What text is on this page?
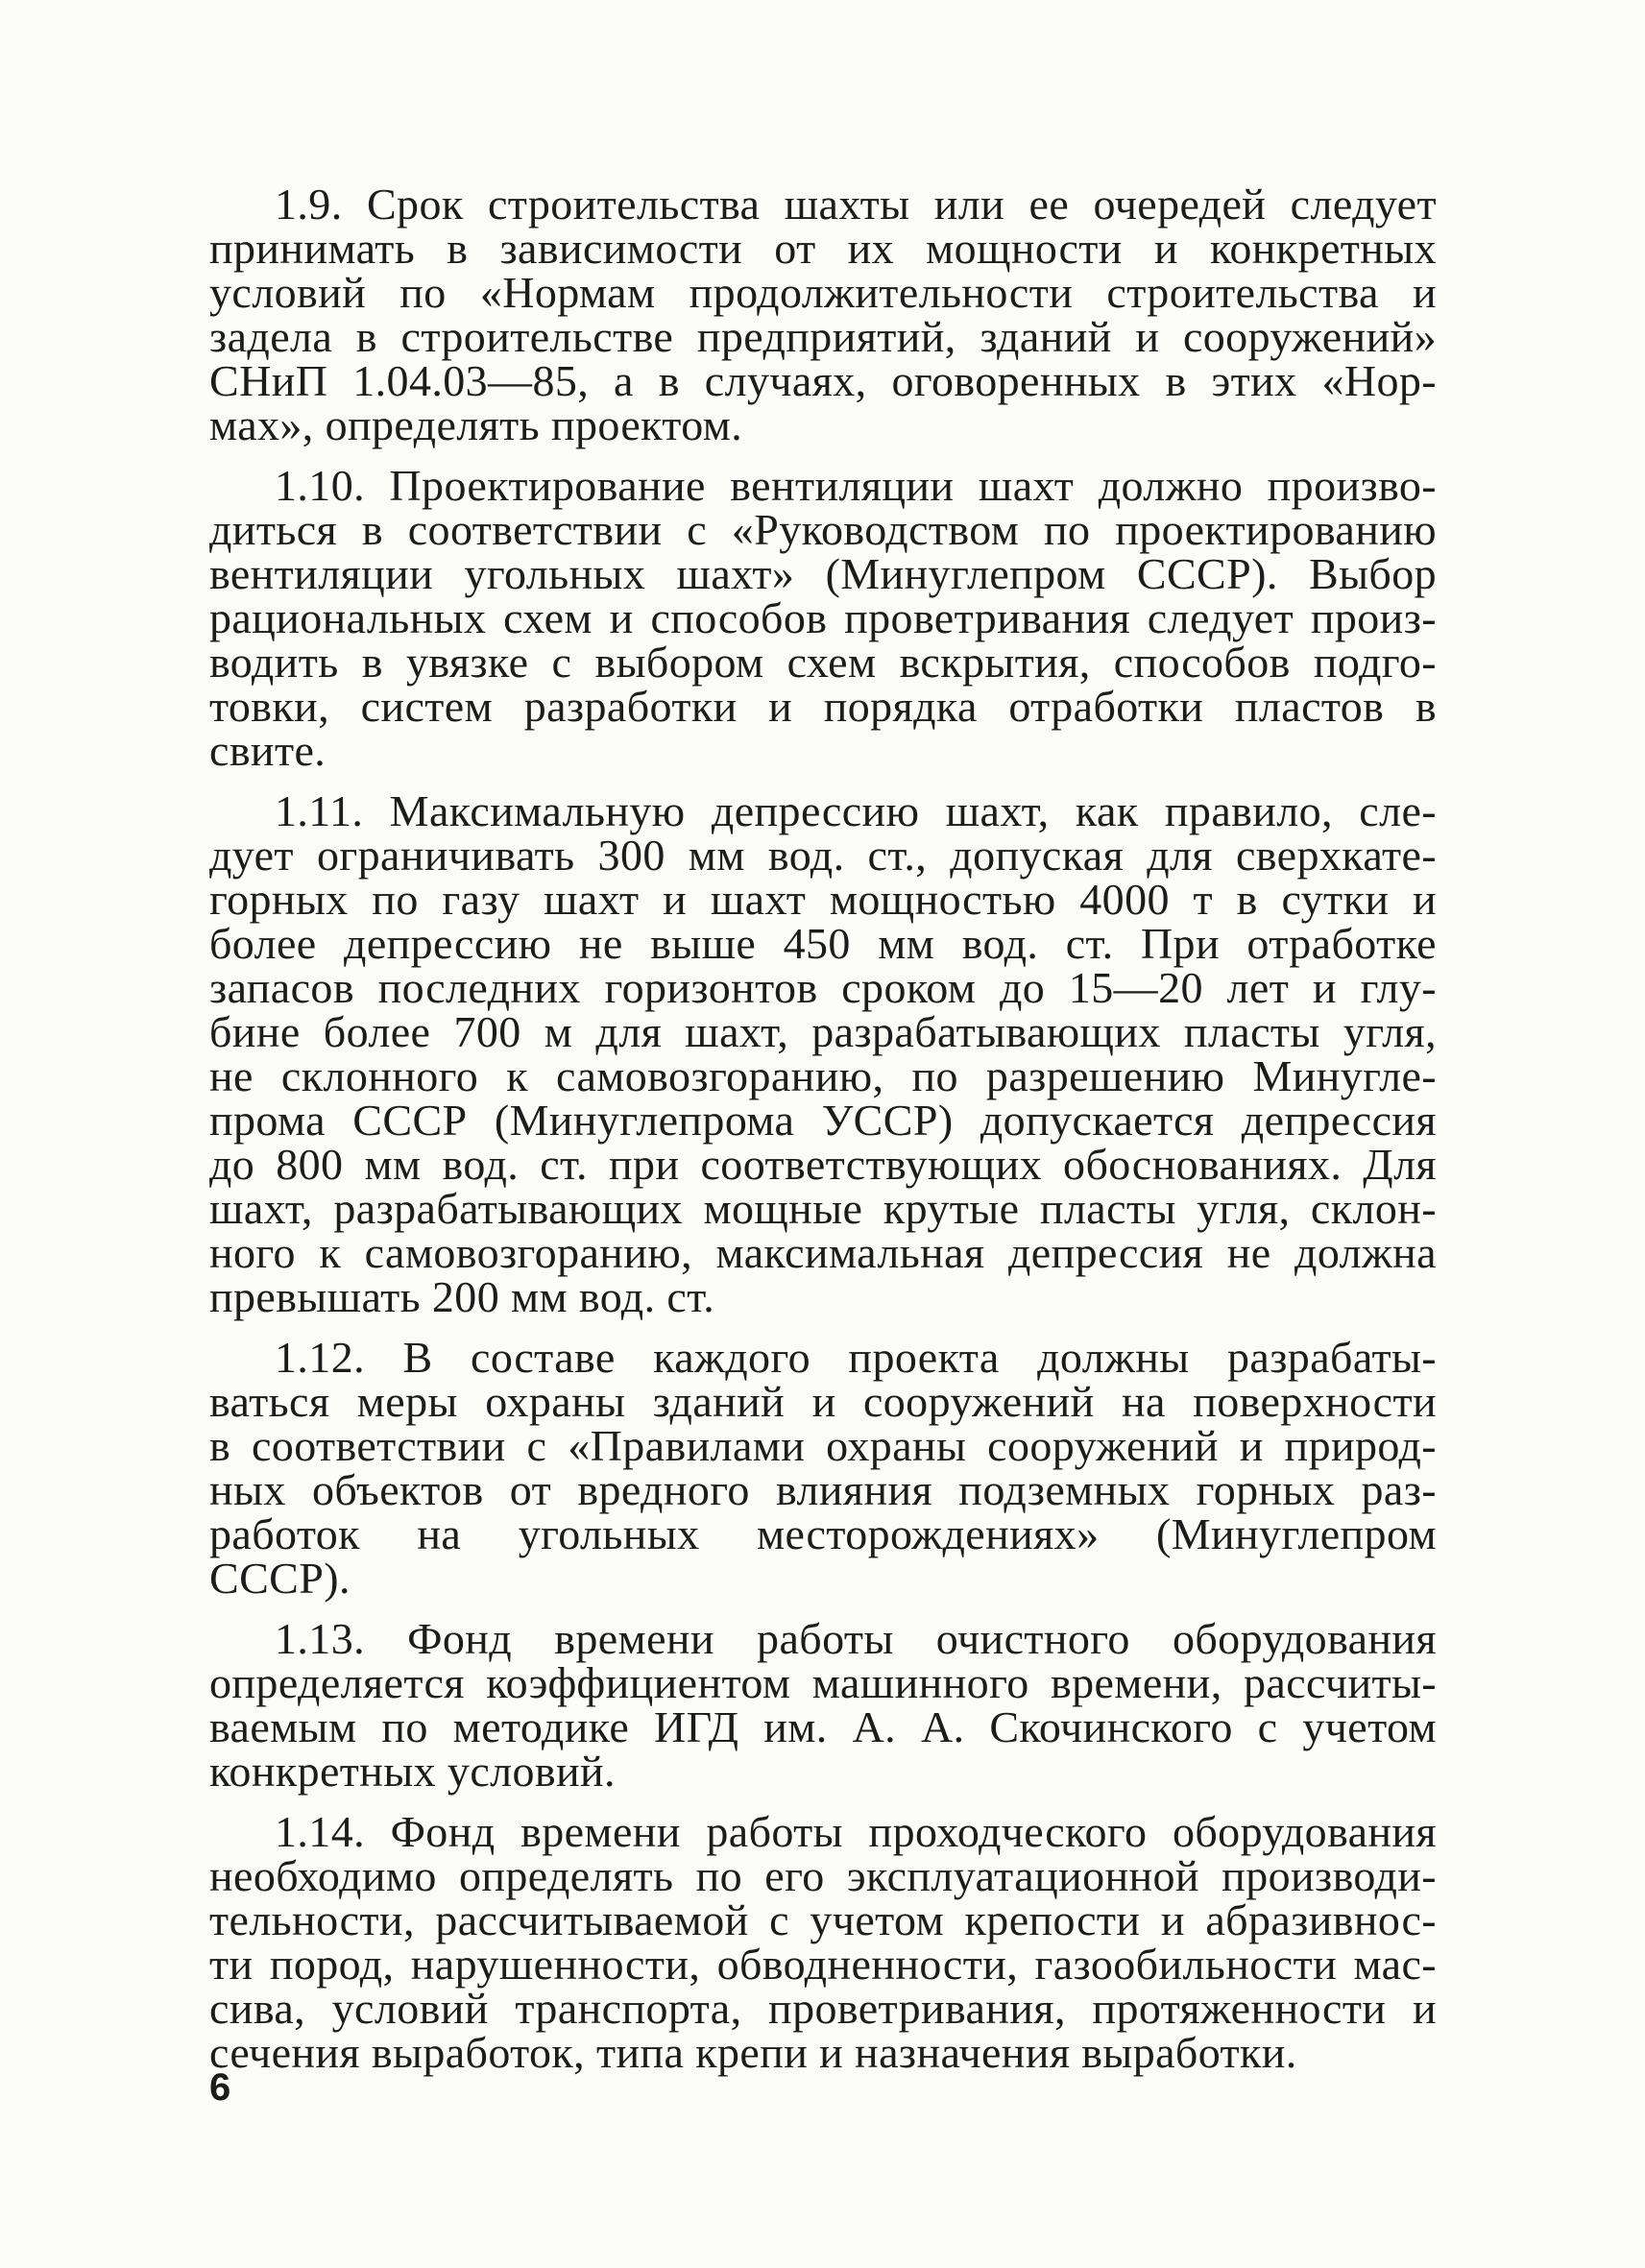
1.9. Срок строительства шахты или ее очередей следует
принимать в зависимости от их мощности и конкретных
условий по «Нормам продолжительности строительства и
задела в строительстве предприятий, зданий и сооружений»
СНиП 1.04.03—85, а в случаях, оговоренных в этих «Нор-
мах», определять проектом.
1.10. Проектирование вентиляции шахт должно произво-
диться в соответствии с «Руководством по проектированию
вентиляции угольных шахт» (Минуглепром СССР). Выбор
рациональных схем и способов проветривания следует произ-
водить в увязке с выбором схем вскрытия, способов подго-
товки, систем разработки и порядка отработки пластов в
свите.
1.11. Максимальную депрессию шахт, как правило, сле-
дует ограничивать 300 мм вод. ст., допуская для сверхкате-
горных по газу шахт и шахт мощностью 4000 т в сутки и
более депрессию не выше 450 мм вод. ст. При отработке
запасов последних горизонтов сроком до 15—20 лет и глу-
бине более 700 м для шахт, разрабатывающих пласты угля,
не склонного к самовозгоранию, по разрешению Минугле-
прома СССР (Минуглепрома УССР) допускается депрессия
до 800 мм вод. ст. при соответствующих обоснованиях. Для
шахт, разрабатывающих мощные крутые пласты угля, склон-
ного к самовозгоранию, максимальная депрессия не должна
превышать 200 мм вод. ст.
1.12. В составе каждого проекта должны разрабаты-
ваться меры охраны зданий и сооружений на поверхности
в соответствии с «Правилами охраны сооружений и природ-
ных объектов от вредного влияния подземных горных раз-
работок на угольных месторождениях» (Минуглепром
СССР).
1.13. Фонд времени работы очистного оборудования
определяется коэффициентом машинного времени, рассчиты-
ваемым по методике ИГД им. А. А. Скочинского с учетом
конкретных условий.
1.14. Фонд времени работы проходческого оборудования
необходимо определять по его эксплуатационной производи-
тельности, рассчитываемой с учетом крепости и абразивнос-
ти пород, нарушенности, обводненности, газообильности мас-
сива, условий транспорта, проветривания, протяженности и
сечения выработок, типа крепи и назначения выработки.
6
